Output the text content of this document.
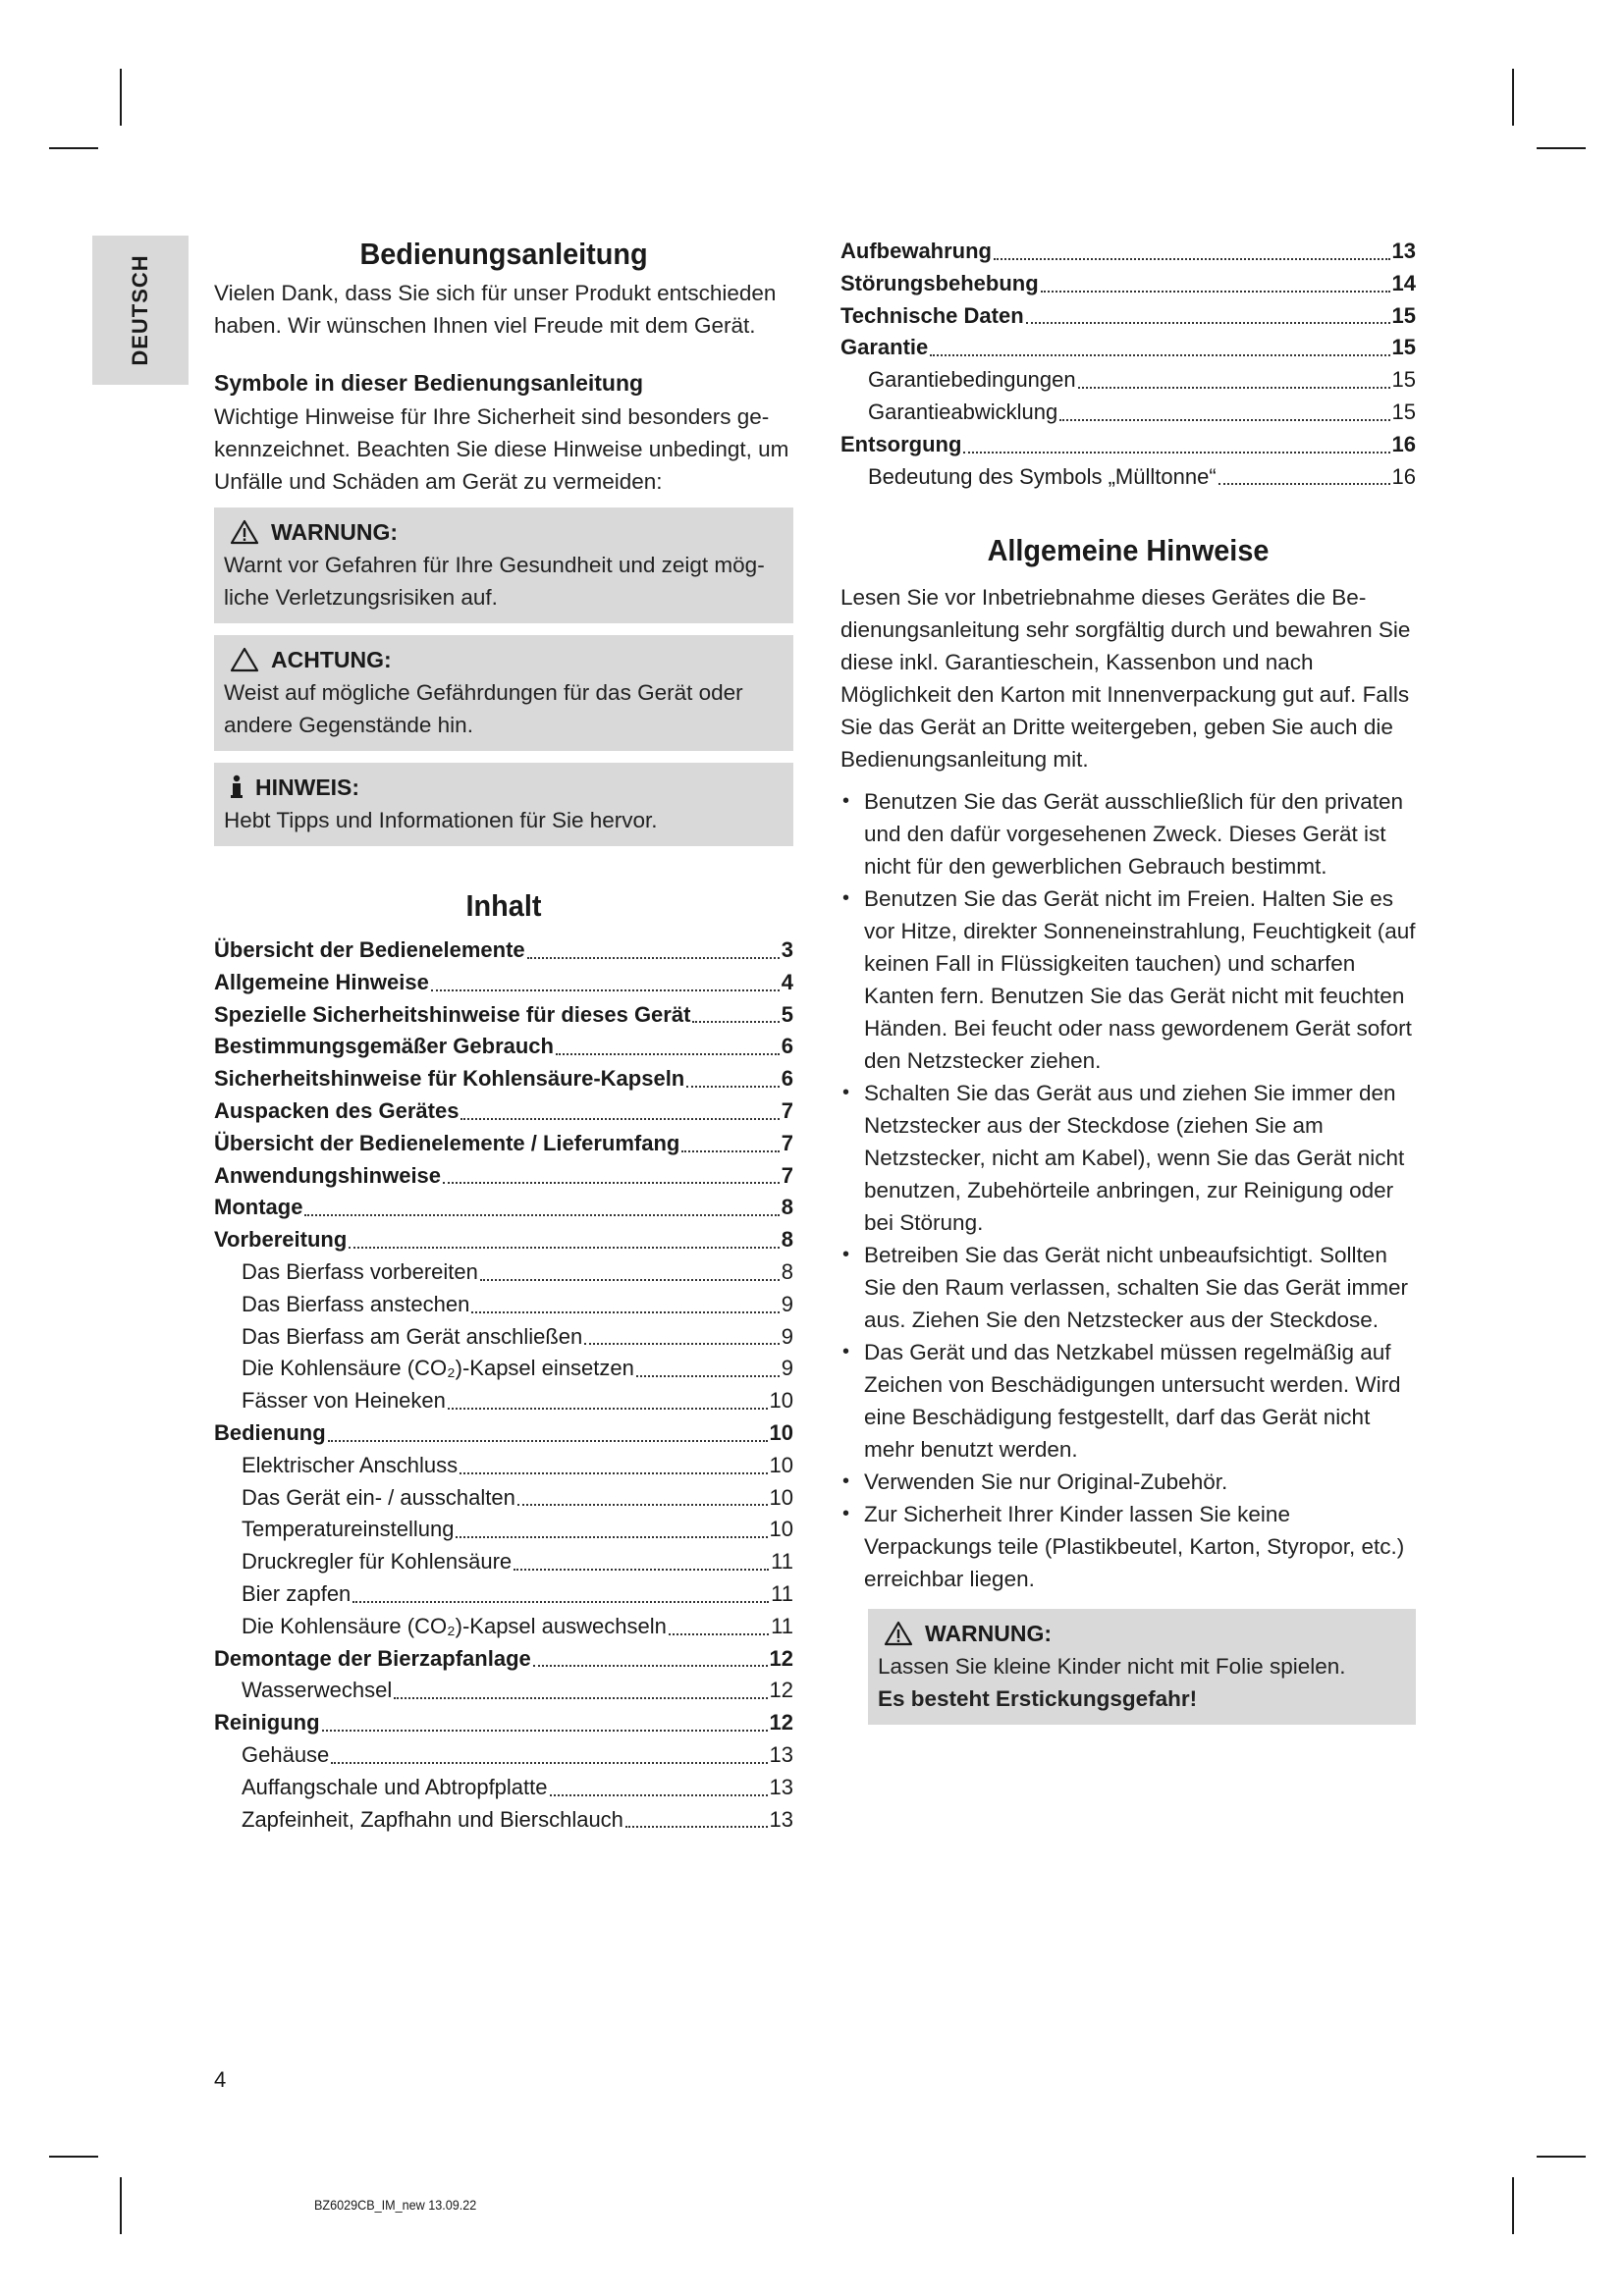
DEUTSCH
Bedienungsanleitung

Vielen Dank, dass Sie sich für unser Produkt entschieden haben. Wir wünschen Ihnen viel Freude mit dem Gerät.

Symbole in dieser Bedienungsanleitung

Wichtige Hinweise für Ihre Sicherheit sind besonders gekennzeichnet. Beachten Sie diese Hinweise unbedingt, um Unfälle und Schäden am Gerät zu vermeiden:

WARNUNG:
Warnt vor Gefahren für Ihre Gesundheit und zeigt mögliche Verletzungsrisiken auf.
ACHTUNG:
Weist auf mögliche Gefährdungen für das Gerät oder andere Gegenstände hin.
HINWEIS:
Hebt Tipps und Informationen für Sie hervor.
Inhalt
Übersicht der Bedienelemente	3
Allgemeine Hinweise	4
Spezielle Sicherheitshinweise für dieses Gerät	5
Bestimmungsgemäßer Gebrauch	6
Sicherheitshinweise für Kohlensäure-Kapseln	6
Auspacken des Gerätes	7
Übersicht der Bedienelemente / Lieferumfang	7
Anwendungshinweise	7
Montage	8
Vorbereitung	8
Das Bierfass vorbereiten	8
Das Bierfass anstechen	9
Das Bierfass am Gerät anschließen	9
Die Kohlensäure (CO₂)-Kapsel einsetzen	9
Fässer von Heineken	10
Bedienung	10
Elektrischer Anschluss	10
Das Gerät ein- / ausschalten	10
Temperatureinstellung	10
Druckregler für Kohlensäure	11
Bier zapfen	11
Die Kohlensäure (CO₂)-Kapsel auswechseln	11
Demontage der Bierzapfanlage	12
Wasserwechsel	12
Reinigung	12
Gehäuse	13
Auffangschale und Abtropfplatte	13
Zapfeinheit, Zapfhahn und Bierschlauch	13
Aufbewahrung	13
Störungsbehebung	14
Technische Daten	15
Garantie	15
Garantiebedingungen	15
Garantieabwicklung	15
Entsorgung	16
Bedeutung des Symbols „Mülltonne“	16
Allgemeine Hinweise

Lesen Sie vor Inbetriebnahme dieses Gerätes die Bedienungsanleitung sehr sorgfältig durch und bewahren Sie diese inkl. Garantieschein, Kassenbon und nach Möglichkeit den Karton mit Innenverpackung gut auf. Falls Sie das Gerät an Dritte weitergeben, geben Sie auch die Bedienungsanleitung mit.

• Benutzen Sie das Gerät ausschließlich für den privaten und den dafür vorgesehenen Zweck. Dieses Gerät ist nicht für den gewerblichen Gebrauch bestimmt.
• Benutzen Sie das Gerät nicht im Freien. Halten Sie es vor Hitze, direkter Sonneneinstrahlung, Feuchtigkeit (auf keinen Fall in Flüssigkeiten tauchen) und scharfen Kanten fern. Benutzen Sie das Gerät nicht mit feuchten Händen. Bei feucht oder nass gewordenem Gerät sofort den Netzstecker ziehen.
• Schalten Sie das Gerät aus und ziehen Sie immer den Netzstecker aus der Steckdose (ziehen Sie am Netzstecker, nicht am Kabel), wenn Sie das Gerät nicht benutzen, Zubehörteile anbringen, zur Reinigung oder bei Störung.
• Betreiben Sie das Gerät nicht unbeaufsichtigt. Sollten Sie den Raum verlassen, schalten Sie das Gerät immer aus. Ziehen Sie den Netzstecker aus der Steckdose.
• Das Gerät und das Netzkabel müssen regelmäßig auf Zeichen von Beschädigungen untersucht werden. Wird eine Beschädigung festgestellt, darf das Gerät nicht mehr benutzt werden.
• Verwenden Sie nur Original-Zubehör.
• Zur Sicherheit Ihrer Kinder lassen Sie keine Verpackungs teile (Plastikbeutel, Karton, Styropor, etc.) erreichbar liegen.
WARNUNG:
Lassen Sie kleine Kinder nicht mit Folie spielen.
Es besteht Erstickungsgefahr!
4
BZ6029CB_IM_new 13.09.22
